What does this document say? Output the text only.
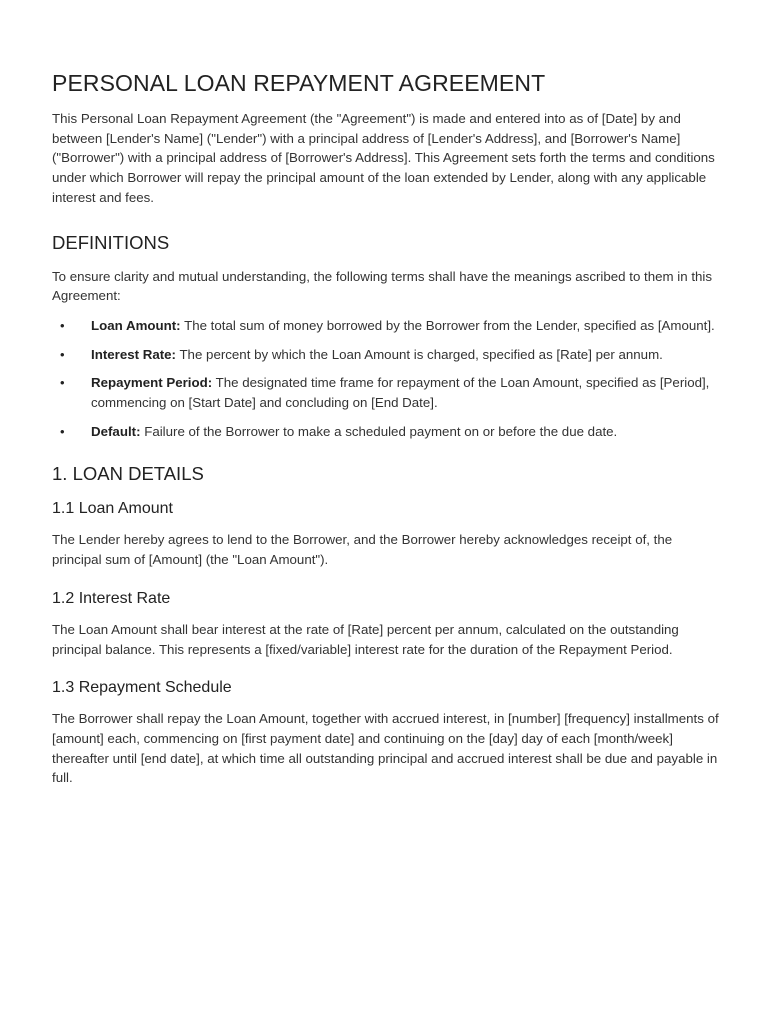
PERSONAL LOAN REPAYMENT AGREEMENT

This Personal Loan Repayment Agreement (the "Agreement") is made and entered into as of [Date] by and between [Lender's Name] ("Lender") with a principal address of [Lender's Address], and [Borrower's Name] ("Borrower") with a principal address of [Borrower's Address]. This Agreement sets forth the terms and conditions under which Borrower will repay the principal amount of the loan extended by Lender, along with any applicable interest and fees.

DEFINITIONS

To ensure clarity and mutual understanding, the following terms shall have the meanings ascribed to them in this Agreement:

• Loan Amount: The total sum of money borrowed by the Borrower from the Lender, specified as [Amount].
• Interest Rate: The percent by which the Loan Amount is charged, specified as [Rate] per annum.
• Repayment Period: The designated time frame for repayment of the Loan Amount, specified as [Period], commencing on [Start Date] and concluding on [End Date].
• Default: Failure of the Borrower to make a scheduled payment on or before the due date.
1. LOAN DETAILS
1.1 Loan Amount

The Lender hereby agrees to lend to the Borrower, and the Borrower hereby acknowledges receipt of, the principal sum of [Amount] (the "Loan Amount").

1.2 Interest Rate

The Loan Amount shall bear interest at the rate of [Rate] percent per annum, calculated on the outstanding principal balance. This represents a [fixed/variable] interest rate for the duration of the Repayment Period.

1.3 Repayment Schedule

The Borrower shall repay the Loan Amount, together with accrued interest, in [number] [frequency] installments of [amount] each, commencing on [first payment date] and continuing on the [day] day of each [month/week] thereafter until [end date], at which time all outstanding principal and accrued interest shall be due and payable in full.
